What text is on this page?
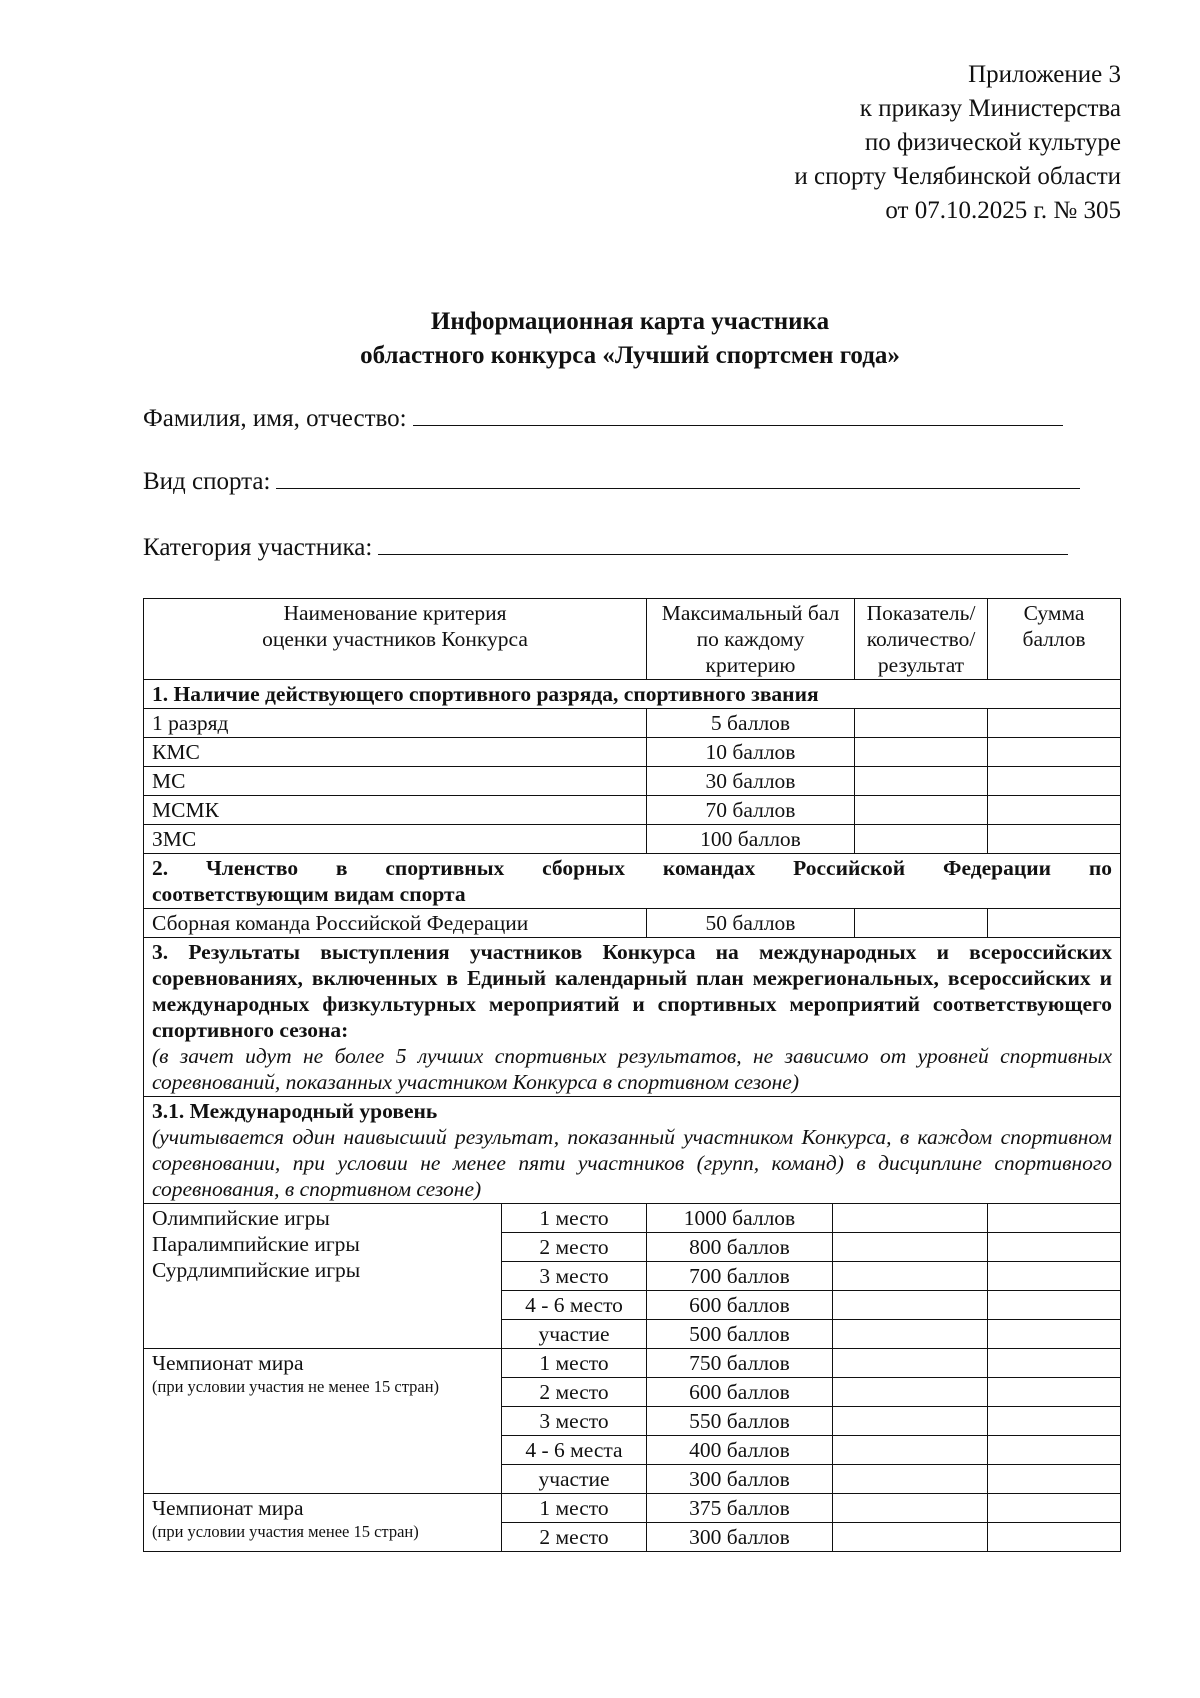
Приложение 3
к приказу Министерства
по физической культуре
и спорту Челябинской области
от 07.10.2025 г. № 305
Информационная карта участника
областного конкурса «Лучший спортсмен года»
Фамилия, имя, отчество:
Вид спорта:
Категория участника:
Наименование критерия
оценки участников Конкурса		Максимальный бал по каждому критерию		Показатель/ количество/ результат	Сумма баллов
1. Наличие действующего спортивного разряда, спортивного звания					
1 разряд		5 баллов			
КМС		10 баллов			
МС		30 баллов			
МСМК		70 баллов			
ЗМС		100 баллов			

2. Членство в спортивных сборных командах Российской Федерации по
соответствующим видам спорта					

Сборная команда Российской Федерации		50 баллов			

3. Результаты выступления участников Конкурса на международных и всероссийских соревнованиях, включенных в Единый календарный план межрегиональных, всероссийских и международных физкультурных мероприятий и спортивных мероприятий соответствующего спортивного сезона:
(в зачет идут не более 5 лучших спортивных результатов, не зависимо от уровней спортивных соревнований, показанных участником Конкурса в спортивном сезоне)					

3.1. Международный уровень
(учитывается один наивысший результат, показанный участником Конкурса, в каждом спортивном соревновании, при условии не менее пяти участников (групп, команд) в дисциплине спортивного соревнования, в спортивном сезоне)					

Олимпийские игры
Паралимпийские игры
Сурдлимпийские игры	1 место	1000 баллов			
	2 место	800 баллов			
	3 место	700 баллов			
	4 - 6 место	600 баллов			
	участие	500 баллов			

Чемпионат мира
(при условии участия не менее 15 стран)	1 место	750 баллов			
	2 место	600 баллов			
	3 место	550 баллов			
	4 - 6 места	400 баллов			
	участие	300 баллов			

Чемпионат мира
(при условии участия менее 15 стран)	1 место	375 баллов			
	2 место	300 баллов			
